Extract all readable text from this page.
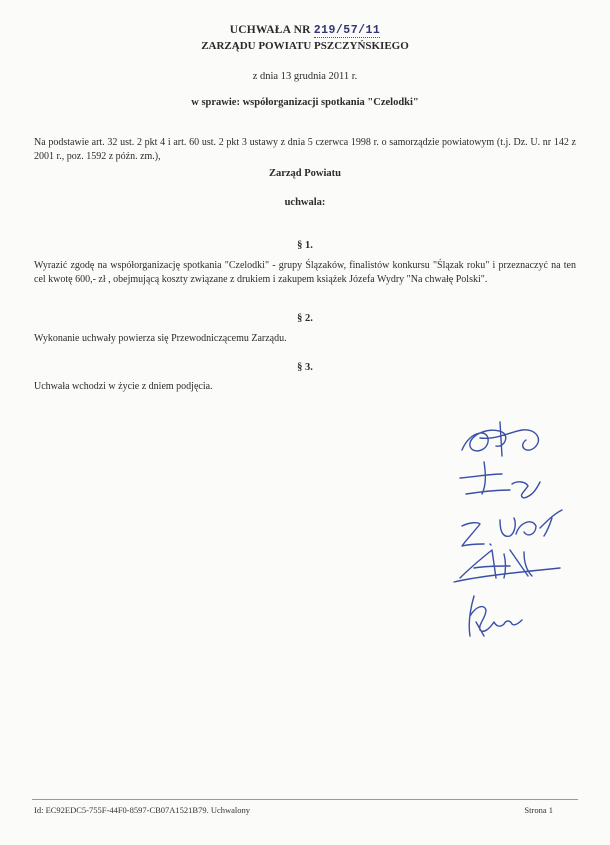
UCHWAŁA NR 219/57/11
ZARZĄDU POWIATU PSZCZYŃSKIEGO
z dnia 13 grudnia 2011 r.
w sprawie: współorganizacji spotkania "Czelodki"
Na podstawie art. 32 ust. 2 pkt 4 i art. 60 ust. 2 pkt 3 ustawy z dnia 5 czerwca 1998 r. o samorządzie powiatowym (t.j. Dz. U. nr 142 z 2001 r., poz. 1592 z późn. zm.),
Zarząd Powiatu
uchwala:
§ 1.
Wyrazić zgodę na współorganizację spotkania "Czelodki" - grupy Ślązaków, finalistów konkursu "Ślązak roku" i przeznaczyć na ten cel kwotę 600,- zł , obejmującą koszty związane z drukiem i zakupem książek Józefa Wydry "Na chwałę Polski".
§ 2.
Wykonanie uchwały powierza się Przewodniczącemu Zarządu.
§ 3.
Uchwała wchodzi w życie z dniem podjęcia.
Id: EC92EDC5-755F-44F0-8597-CB07A1521B79. Uchwalony	Strona 1
